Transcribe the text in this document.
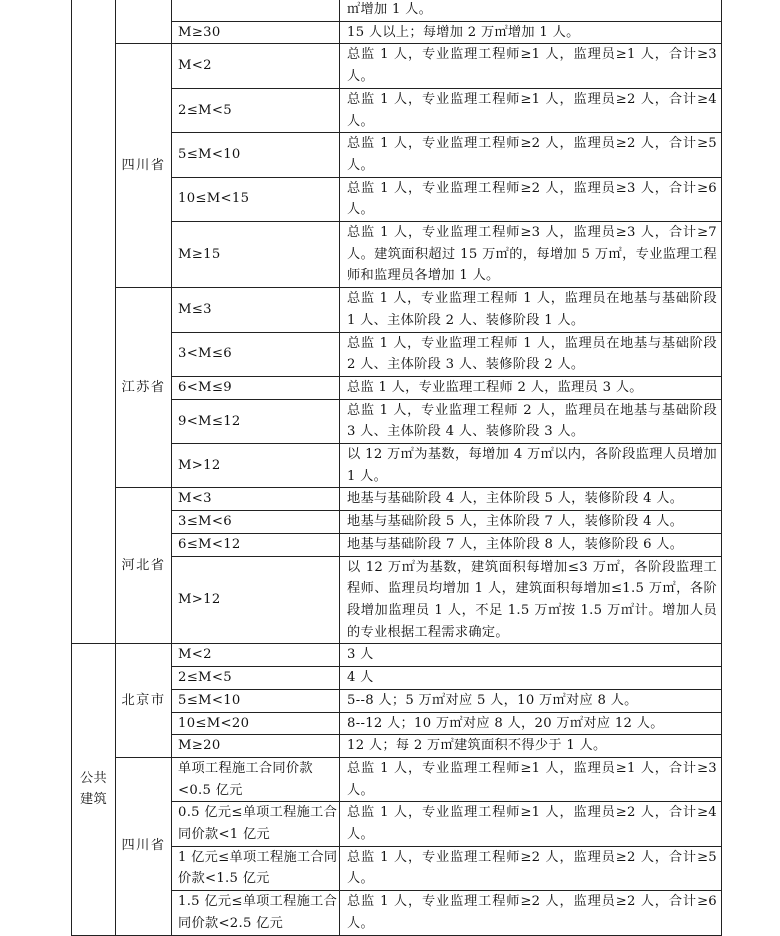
			㎡增加 1 人。
		M≥30	15 人以上；每增加 2 万㎡增加 1 人。
	四川省	M<2	总监 1 人，专业监理工程师≥1 人，监理员≥1 人，合计≥3 人。
		2≤M<5	总监 1 人，专业监理工程师≥1 人，监理员≥2 人，合计≥4 人。
		5≤M<10	总监 1 人，专业监理工程师≥2 人，监理员≥2 人，合计≥5 人。
		10≤M<15	总监 1 人，专业监理工程师≥2 人，监理员≥3 人，合计≥6 人。
		M≥15	总监 1 人，专业监理工程师≥3 人，监理员≥3 人，合计≥7 人。建筑面积超过 15 万㎡的，每增加 5 万㎡，专业监理工程师和监理员各增加 1 人。
	江苏省	M≤3	总监 1 人，专业监理工程师 1 人，监理员在地基与基础阶段 1 人、主体阶段 2 人、装修阶段 1 人。
		3<M≤6	总监 1 人，专业监理工程师 1 人，监理员在地基与基础阶段 2 人、主体阶段 3 人、装修阶段 2 人。
		6<M≤9	总监 1 人，专业监理工程师 2 人，监理员 3 人。
		9<M≤12	总监 1 人，专业监理工程师 2 人，监理员在地基与基础阶段 3 人、主体阶段 4 人、装修阶段 3 人。
		M>12	以 12 万㎡为基数，每增加 4 万㎡以内，各阶段监理人员增加 1 人。
	河北省	M<3	地基与基础阶段 4 人，主体阶段 5 人，装修阶段 4 人。
		3≤M<6	地基与基础阶段 5 人，主体阶段 7 人，装修阶段 4 人。
		6≤M<12	地基与基础阶段 7 人，主体阶段 8 人，装修阶段 6 人。
		M>12	以 12 万㎡为基数，建筑面积每增加≤3 万㎡，各阶段监理工程师、监理员均增加 1 人，建筑面积每增加≤1.5 万㎡，各阶段增加监理员 1 人，不足 1.5 万㎡按 1.5 万㎡计。增加人员的专业根据工程需求确定。

公共
建筑	北京市	M<2	3 人
		2≤M<5	4 人
		5≤M<10	5--8 人；5 万㎡对应 5 人，10 万㎡对应 8 人。
		10≤M<20	8--12 人；10 万㎡对应 8 人，20 万㎡对应 12 人。
		M≥20	12 人；每 2 万㎡建筑面积不得少于 1 人。
	四川省	单项工程施工合同价款<0.5 亿元	总监 1 人，专业监理工程师≥1 人，监理员≥1 人，合计≥3 人。
		0.5 亿元≤单项工程施工合同价款<1 亿元	总监 1 人，专业监理工程师≥1 人，监理员≥2 人，合计≥4 人。
		1 亿元≤单项工程施工合同价款<1.5 亿元	总监 1 人，专业监理工程师≥2 人，监理员≥2 人，合计≥5 人。
		1.5 亿元≤单项工程施工合同价款<2.5 亿元	总监 1 人，专业监理工程师≥2 人，监理员≥2 人，合计≥6 人。
